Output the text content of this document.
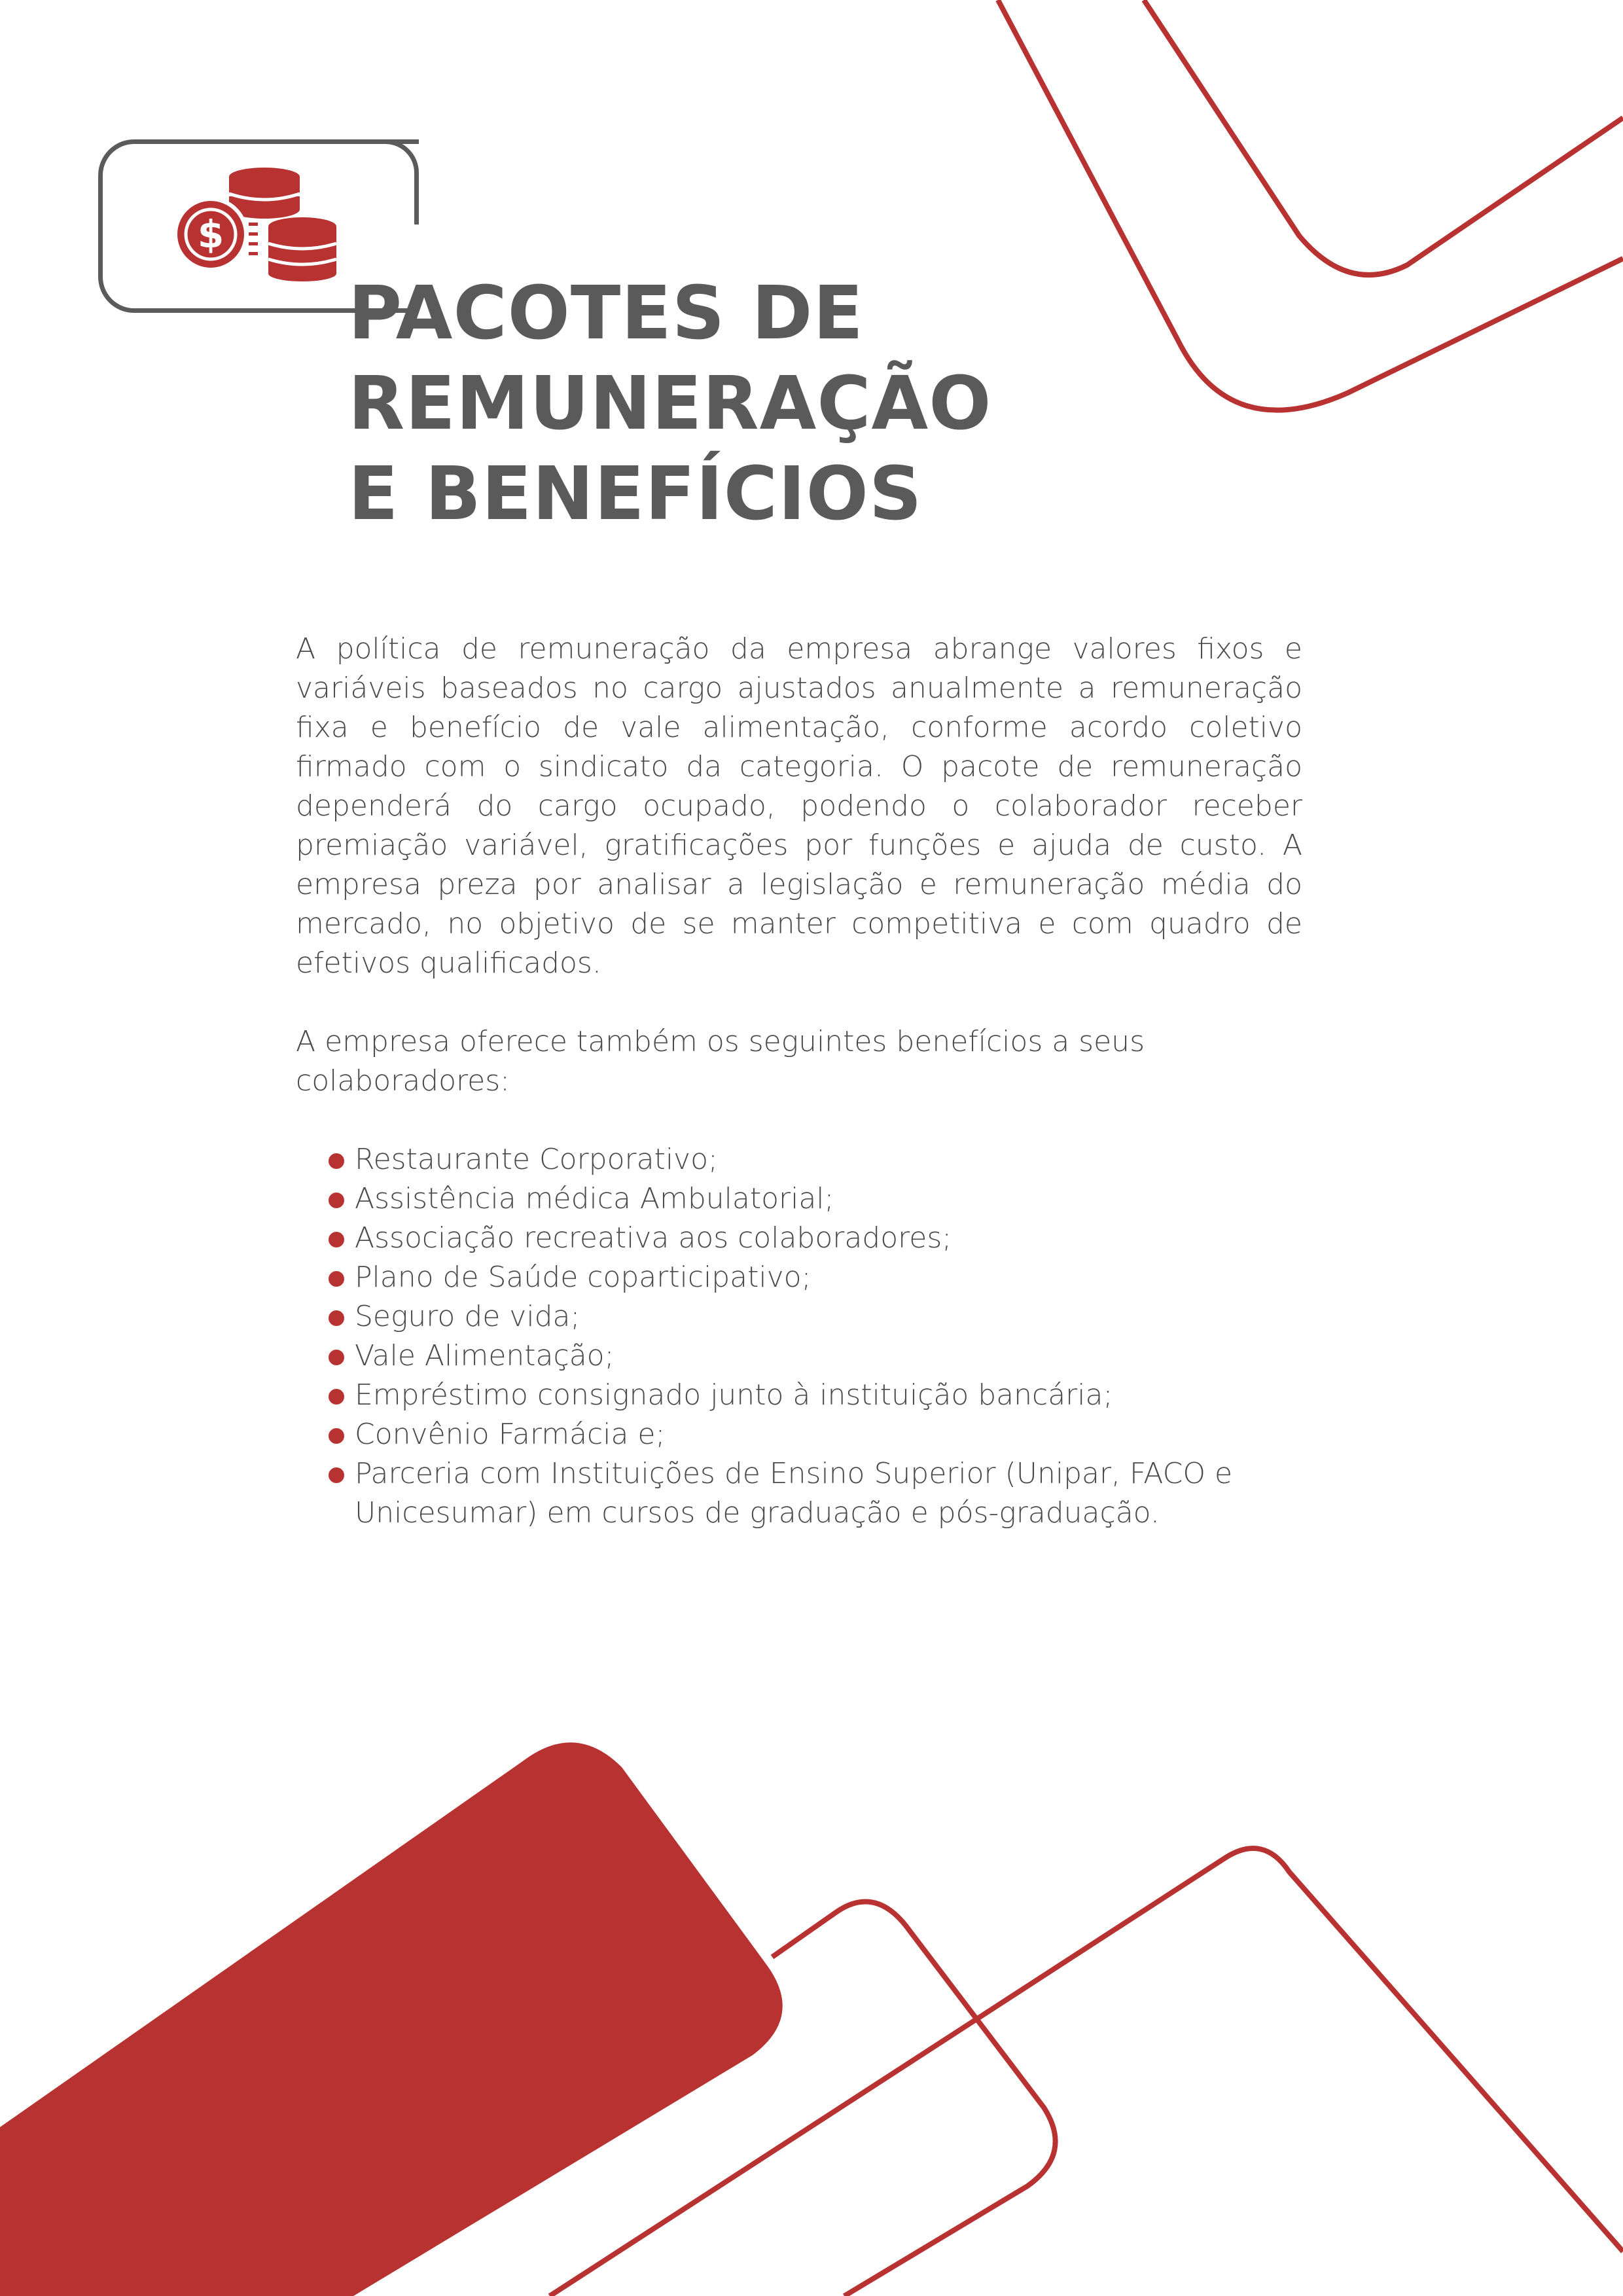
$
PACOTES DE
REMUNERAÇÃO
E BENEFÍCIOS

A política de remuneração da empresa abrange valores fixos e variáveis baseados no cargo ajustados anualmente a remuneração fixa e benefício de vale alimentação, conforme acordo coletivo firmado com o sindicato da categoria. O pacote de remuneração dependerá do cargo ocupado, podendo o colaborador receber premiação variável, gratificações por funções e ajuda de custo. A empresa preza por analisar a legislação e remuneração média do mercado, no objetivo de se manter competitiva e com quadro de efetivos qualificados.

A empresa oferece também os seguintes benefícios a seus colaboradores:

Restaurante Corporativo;
Assistência médica Ambulatorial;
Associação recreativa aos colaboradores;
Plano de Saúde coparticipativo;
Seguro de vida;
Vale Alimentação;
Empréstimo consignado junto à instituição bancária;
Convênio Farmácia e;
Parceria com Instituições de Ensino Superior (Unipar, FACO e Unicesumar) em cursos de graduação e pós-graduação.
